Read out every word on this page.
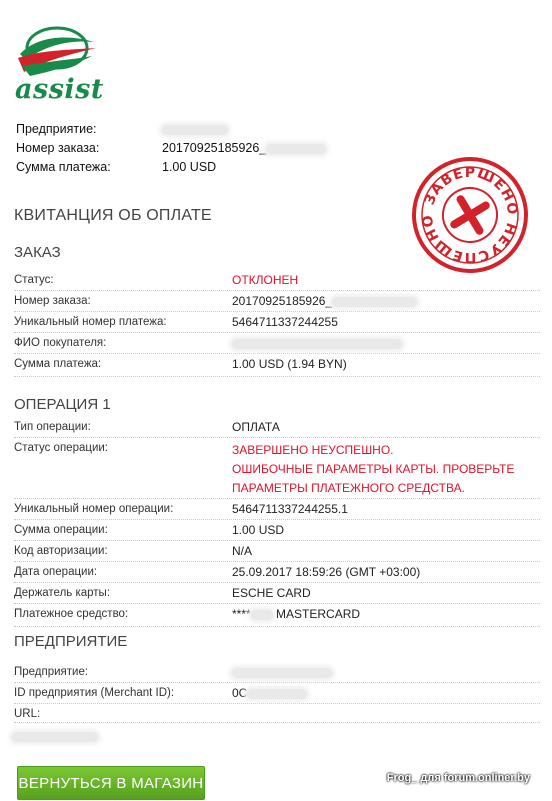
assist
Предприятие:
Номер заказа:	20170925185926_
Сумма платежа:	1.00 USD
КВИТАНЦИЯ ОБ ОПЛАТЕ
ЗАВЕРШЕНО НЕУСПЕШНО
ЗАКАЗ
Статус:	ОТКЛОНЕН
Номер заказа:	20170925185926_
Уникальный номер платежа:	546471133724425​5
ФИО покупателя:
Сумма платежа:	1.00 USD (1.94 BYN)
ОПЕРАЦИЯ 1
Тип операции:	ОПЛАТА
Статус операции:	ЗАВЕРШЕНО НЕУСПЕШНО.
ОШИБОЧНЫЕ ПАРАМЕТРЫ КАРТЫ. ПРОВЕРЬТЕ
ПАРАМЕТРЫ ПЛАТЕЖНОГО СРЕДСТВА.
Уникальный номер операции:	5464711337244255.1
Сумма операции:	1.00 USD
Код авторизации:	N/A
Дата операции:	25.09.2017 18:59:26 (GMT +03:00)
Держатель карты:	ESCHE CARD
Платежное средство:	**** MASTERCARD
ПРЕДПРИЯТИЕ
Предприятие:
ID предприятия (Merchant ID):	0С
URL:
ВЕРНУТЬСЯ В МАГАЗИН	Frog_ для forum.onliner.by
